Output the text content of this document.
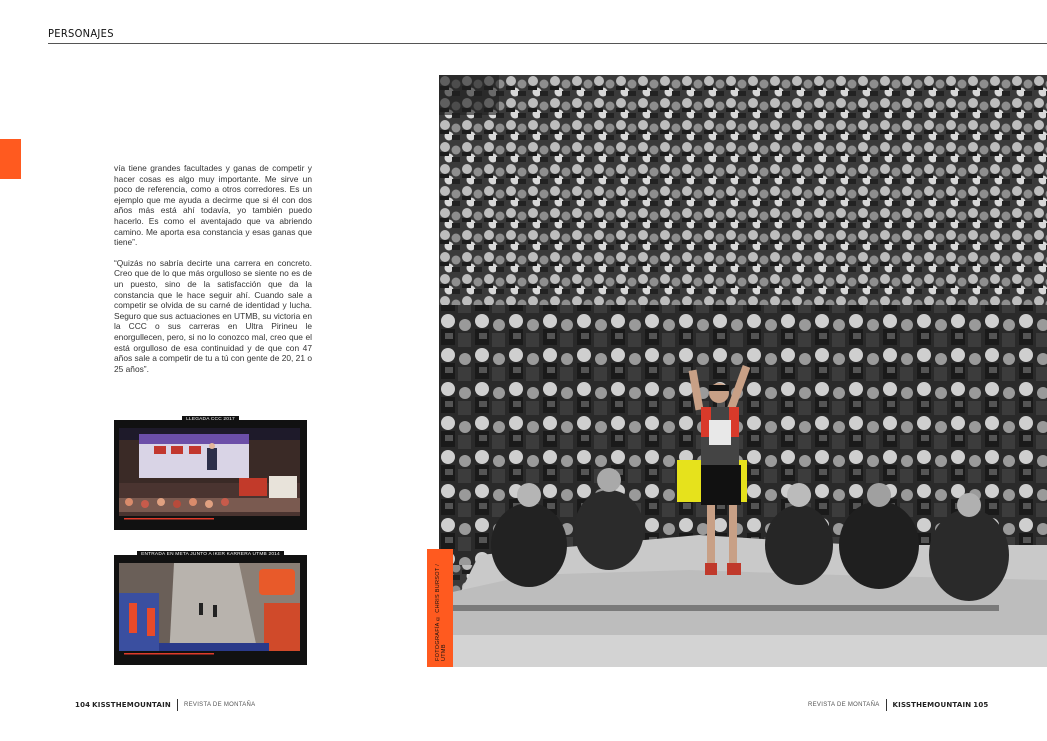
PERSONAJES

vía tiene grandes facultades y ganas de competir y hacer cosas es algo muy importante. Me sirve un poco de referencia, como a otros corredores. Es un ejemplo que me ayuda a decirme que si él con dos años más está ahí todavía, yo también puedo hacerlo. Es como el aventajado que va abriendo camino. Me aporta esa constancia y esas ganas que tiene”.

“Quizás no sabría decirte una carrera en concreto. Creo que de lo que más orgulloso se siente no es de un puesto, sino de la satisfacción que da la constancia que le hace seguir ahí. Cuando sale a competir se olvida de su carné de identidad y lucha. Seguro que sus actuaciones en UTMB, su victoria en la CCC o sus carreras en Ultra Pirineu le enorgullecen, pero, si no lo conozco mal, creo que el está orgulloso de esa continuidad y de que con 47 años sale a competir de tu a tú con gente de 20, 21 o 25 años”.

LLEGADA CCC 2017
ENTRADA EN META JUNTO A IKER KARRERA UTMB 2014
FOTOGRAFÍA © CHRIS BURSOT / UTMB
104
KISSTHEMOUNTAIN REVISTA DE MONTAÑA	REVISTA DE MONTAÑA KISSTHEMOUNTAIN
105
